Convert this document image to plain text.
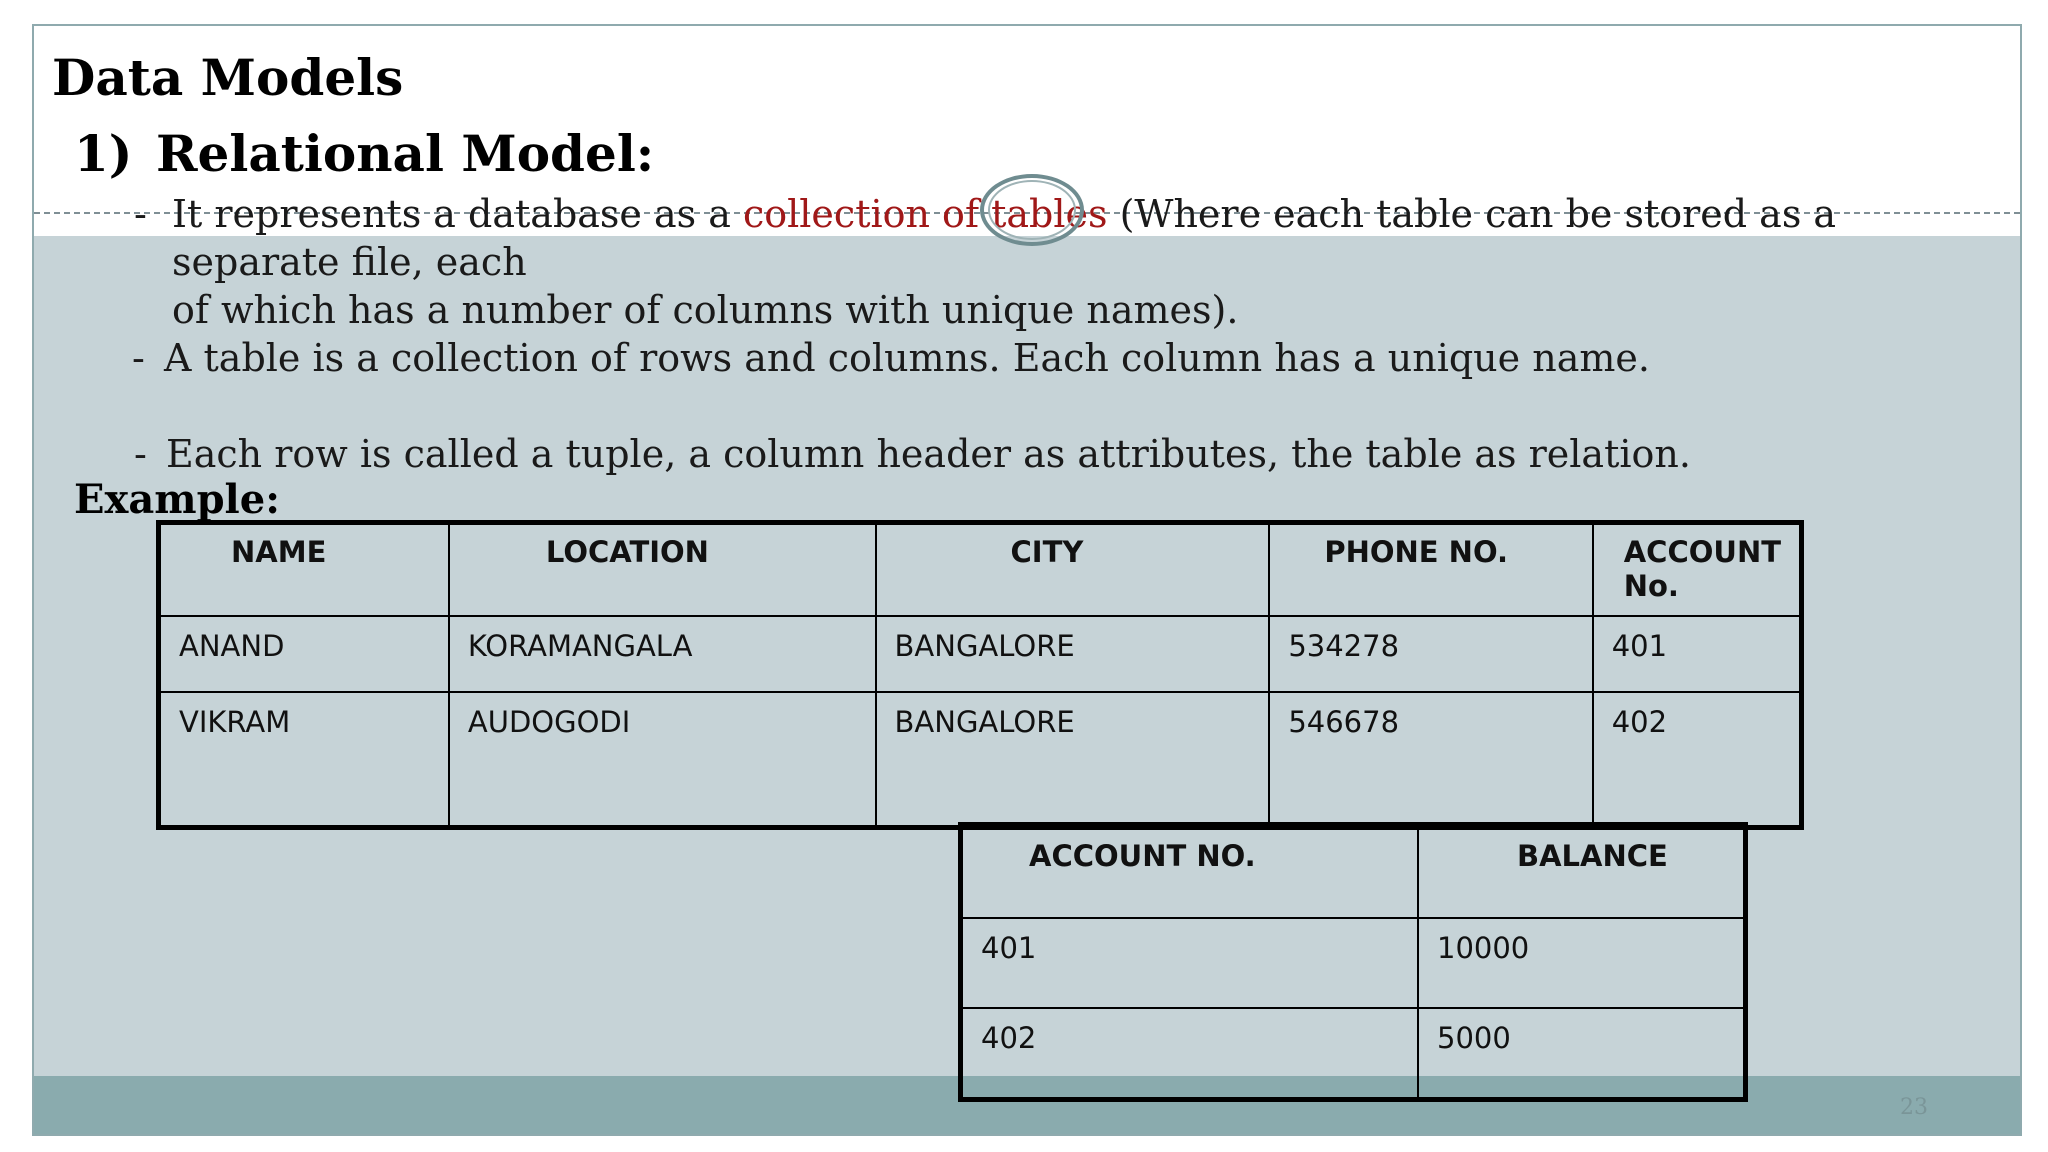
Data Models
1) Relational Model:
- It represents a database as a collection of tables (Where each table can be stored as a separate file, each
of which has a number of columns with unique names).
- A table is a collection of rows and columns. Each column has a unique name.
- Each row is called a tuple, a column header as attributes, the table as relation.
Example:
23
NAME	LOCATION	CITY	PHONE NO.	ACCOUNT No.
ANAND	KORAMANGALA	BANGALORE	534278	401
VIKRAM	AUDOGODI	BANGALORE	546678	402
ACCOUNT NO.	BALANCE
401	10000
402	5000
